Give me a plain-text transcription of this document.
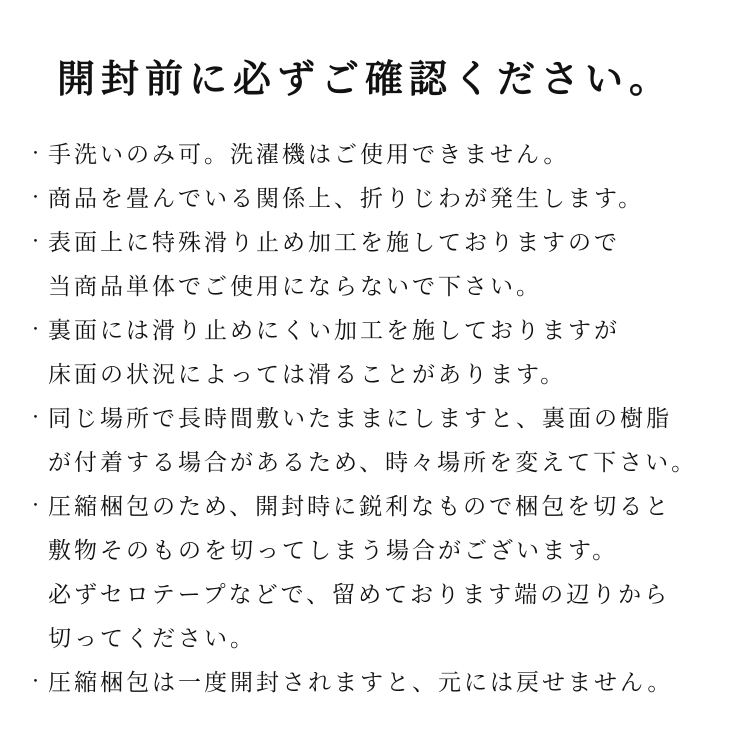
開封前に必ずご確認ください。
・ 手洗いのみ可。洗濯機はご使用できません。
・ 商品を畳んでいる関係上、折りじわが発生します。
・ 表面上に特殊滑り止め加工を施しておりますので
当商品単体でご使用にならないで下さい。
・ 裏面には滑り止めにくい加工を施しておりますが
床面の状況によっては滑ることがあります。
・ 同じ場所で長時間敷いたままにしますと、裏面の樹脂
が付着する場合があるため、時々場所を変えて下さい。
・ 圧縮梱包のため、開封時に鋭利なもので梱包を切ると
敷物そのものを切ってしまう場合がございます。
必ずセロテープなどで、留めております端の辺りから
切ってください。
・ 圧縮梱包は一度開封されますと、元には戻せません。
